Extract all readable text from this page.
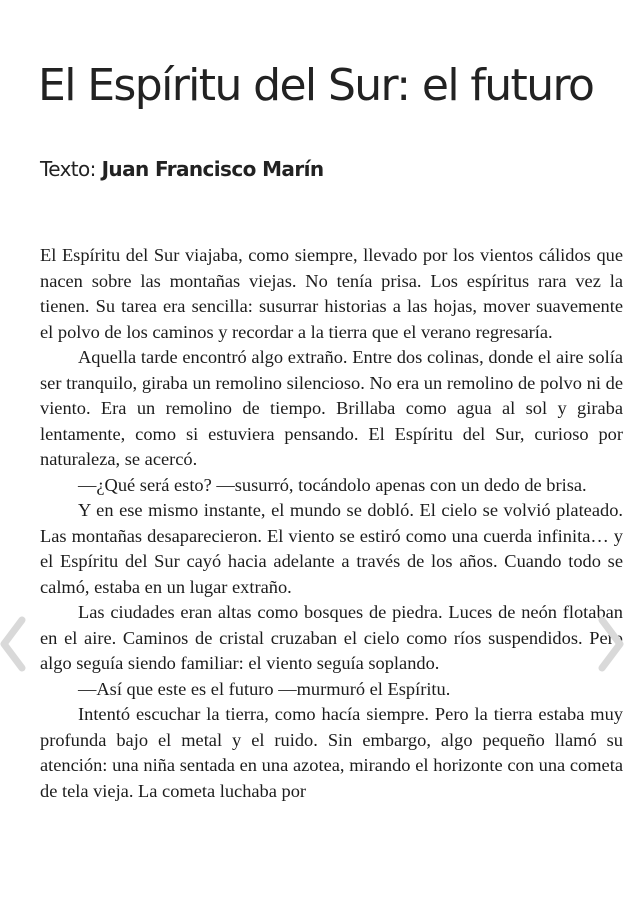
El Espíritu del Sur: el futuro
Texto: Juan Francisco Marín

El Espíritu del Sur viajaba, como siempre, llevado por los vientos cálidos que nacen sobre las montañas viejas. No tenía prisa. Los espíritus rara vez la tienen. Su tarea era sencilla: susurrar historias a las hojas, mover suavemente el polvo de los caminos y recordar a la tierra que el verano regresaría.

Aquella tarde encontró algo extraño. Entre dos colinas, donde el aire solía ser tranquilo, giraba un remolino silencioso. No era un remolino de polvo ni de viento. Era un remolino de tiempo. Brillaba como agua al sol y giraba lentamente, como si estuviera pensando. El Espíritu del Sur, curioso por naturaleza, se acercó.

—¿Qué será esto? —susurró, tocándolo apenas con un dedo de brisa.

Y en ese mismo instante, el mundo se dobló. El cielo se volvió plateado. Las montañas desaparecieron. El viento se estiró como una cuerda infinita… y el Espíritu del Sur cayó hacia adelante a través de los años. Cuando todo se calmó, estaba en un lugar extraño.

Las ciudades eran altas como bosques de piedra. Luces de neón flotaban en el aire. Caminos de cristal cruzaban el cielo como ríos suspendidos. Pero algo seguía siendo familiar: el viento seguía soplando.

—Así que este es el futuro —murmuró el Espíritu.

Intentó escuchar la tierra, como hacía siempre. Pero la tierra estaba muy profunda bajo el metal y el ruido. Sin embargo, algo pequeño llamó su atención: una niña sentada en una azotea, mirando el horizonte con una cometa de tela vieja. La cometa luchaba por
